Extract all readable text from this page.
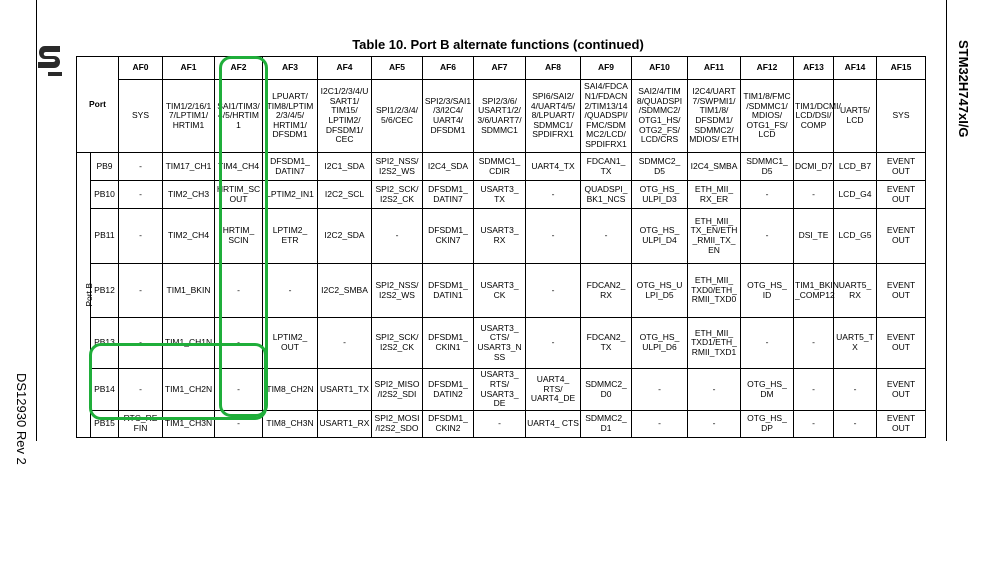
DS12930 Rev 2
STM32H747xI/G
Table 10. Port B alternate functions (continued)
Port		AF0	AF1	AF2	AF3	AF4	AF5	AF6	AF7	AF8	AF9	AF10	AF11	AF12	AF13	AF14	AF15
		SYS	TIM1/2/16/1 7/LPTIM1/ HRTIM1	SAI1/TIM3/ 4/5/HRTIM 1	LPUART/ TIM8/LPTIM 2/3/4/5/ HRTIM1/ DFSDM1	I2C1/2/3/4/U SART1/ TIM15/ LPTIM2/ DFSDM1/ CEC	SPI1/2/3/4/ 5/6/CEC	SPI2/3/SAI1 /3/I2C4/ UART4/ DFSDM1	SPI2/3/6/ USART1/2/ 3/6/UART7/ SDMMC1	SPI6/SAI2/ 4/UART4/5/ 8/LPUART/ SDMMC1/ SPDIFRX1	SAI4/FDCA N1/FDACN 2/TIM13/14 /QUADSPI/ FMC/SDM MC2/LCD/ SPDIFRX1	SAI2/4/TIM 8/QUADSPI /SDMMC2/ OTG1_HS/ OTG2_FS/ LCD/CRS	I2C4/UART 7/SWPMI1/ TIM1/8/ DFSDM1/ SDMMC2/ MDIOS/ ETH	TIM1/8/FMC /SDMMC1/ MDIOS/ OTG1_FS/ LCD	TIM1/DCMI/ LCD/DSI/ COMP	UART5/ LCD	SYS
Port B	PB9	-	TIM17_CH1	TIM4_CH4	DFSDM1_ DATIN7	I2C1_SDA	SPI2_NSS/ I2S2_WS	I2C4_SDA	SDMMC1_ CDIR	UART4_TX	FDCAN1_ TX	SDMMC2_ D5	I2C4_SMBA	SDMMC1_ D5	DCMI_D7	LCD_B7	EVENT OUT
	PB10	-	TIM2_CH3	HRTIM_SC OUT	LPTIM2_IN1	I2C2_SCL	SPI2_SCK/ I2S2_CK	DFSDM1_ DATIN7	USART3_ TX	-	QUADSPI_ BK1_NCS	OTG_HS_ ULPI_D3	ETH_MII_ RX_ER	-	-	LCD_G4	EVENT OUT
	PB11	-	TIM2_CH4	HRTIM_ SCIN	LPTIM2_ ETR	I2C2_SDA	-	DFSDM1_ CKIN7	USART3_ RX	-	-	OTG_HS_ ULPI_D4	ETH_MII_ TX_EN/ETH _RMII_TX_ EN	-	DSI_TE	LCD_G5	EVENT OUT
	PB12	-	TIM1_BKIN	-	-	I2C2_SMBA	SPI2_NSS/ I2S2_WS	DFSDM1_ DATIN1	USART3_ CK	-	FDCAN2_ RX	OTG_HS_U LPI_D5	ETH_MII_ TXD0/ETH_ RMII_TXD0	OTG_HS_ ID	TIM1_BKIN _COMP12	UART5_ RX	EVENT OUT
	PB13	-	TIM1_CH1N	-	LPTIM2_ OUT	-	SPI2_SCK/ I2S2_CK	DFSDM1_ CKIN1	USART3_ CTS/ USART3_N SS	-	FDCAN2_ TX	OTG_HS_ ULPI_D6	ETH_MII_ TXD1/ETH_ RMII_TXD1	-	-	UART5_T X	EVENT OUT
	PB14	-	TIM1_CH2N	-	TIM8_CH2N	USART1_TX	SPI2_MISO /I2S2_SDI	DFSDM1_ DATIN2	USART3_ RTS/ USART3_ DE	UART4_ RTS/ UART4_DE	SDMMC2_ D0	-	-	OTG_HS_ DM	-	-	EVENT OUT
	PB15	RTC_RE FIN	TIM1_CH3N	-	TIM8_CH3N	USART1_RX	SPI2_MOSI /I2S2_SDO	DFSDM1_ CKIN2	-	UART4_ CTS	SDMMC2_ D1	-	-	OTG_HS_ DP	-	-	EVENT OUT
